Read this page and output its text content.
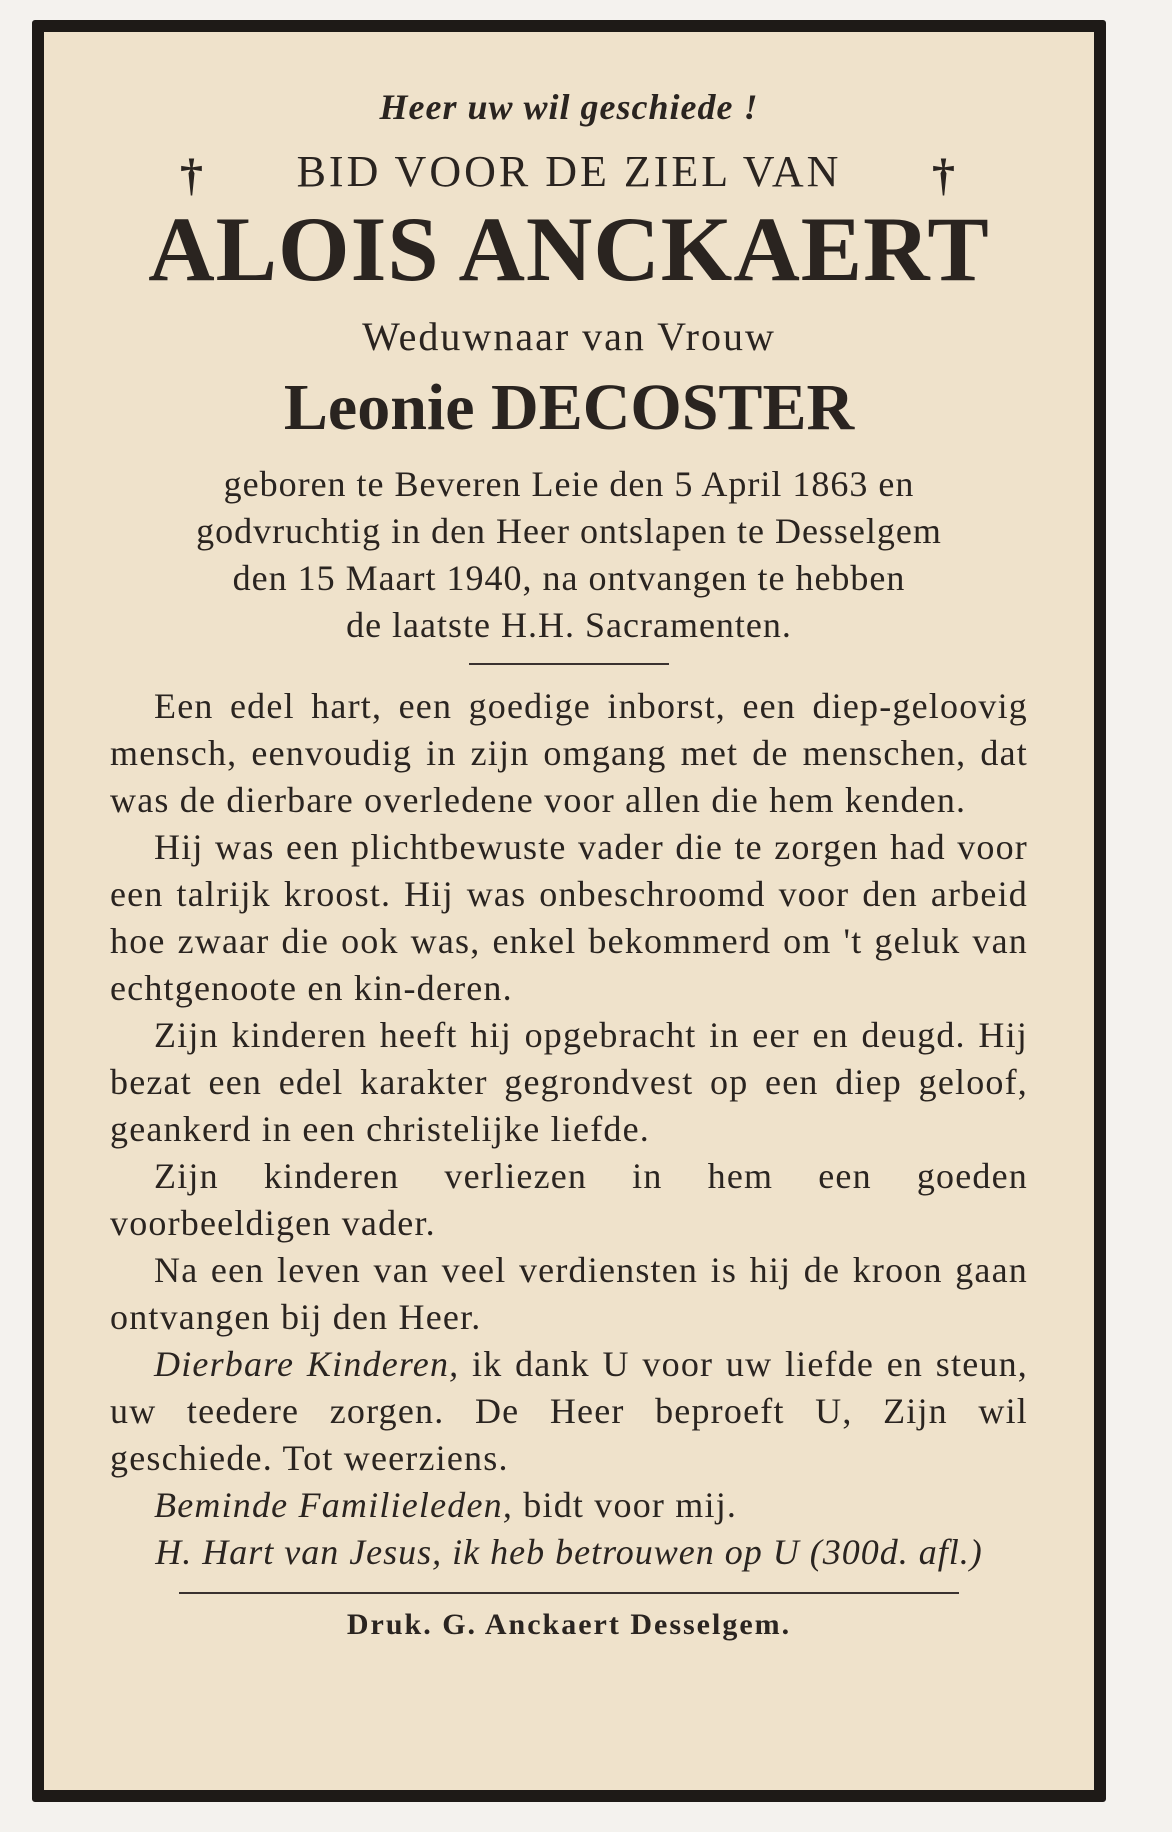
Heer uw wil geschiede !
† BID VOOR DE ZIEL VAN †
ALOIS ANCKAERT
Weduwnaar van Vrouw
Leonie DECOSTER
geboren te Beveren Leie den 5 April 1863 en
godvruchtig in den Heer ontslapen te Desselgem
den 15 Maart 1940, na ontvangen te hebben
de laatste H.H. Sacramenten.

Een edel hart, een goedige inborst, een diep-geloovig mensch, eenvoudig in zijn omgang met de menschen, dat was de dierbare overledene voor allen die hem kenden.

Hij was een plichtbewuste vader die te zorgen had voor een talrijk kroost. Hij was onbeschroomd voor den arbeid hoe zwaar die ook was, enkel bekommerd om 't geluk van echtgenoote en kin-deren.

Zijn kinderen heeft hij opgebracht in eer en deugd. Hij bezat een edel karakter gegrondvest op een diep geloof, geankerd in een christelijke liefde.

Zijn kinderen verliezen in hem een goeden voorbeeldigen vader.

Na een leven van veel verdiensten is hij de kroon gaan ontvangen bij den Heer.

Dierbare Kinderen, ik dank U voor uw liefde en steun, uw teedere zorgen. De Heer beproeft U, Zijn wil geschiede. Tot weerziens.

Beminde Familieleden, bidt voor mij.

H. Hart van Jesus, ik heb betrouwen op U (300d. afl.)
Druk. G. Anckaert Desselgem.
